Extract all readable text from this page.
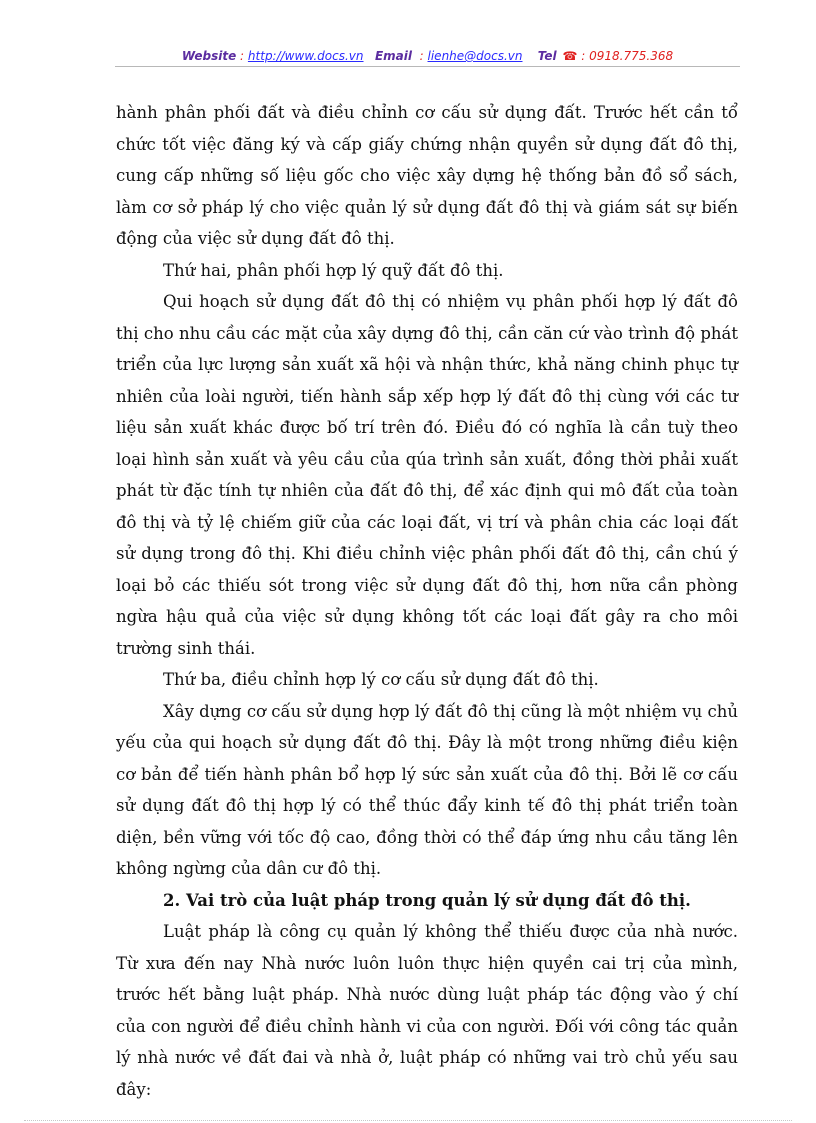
Website : http://www.docs.vn Email : lienhe@docs.vn Tel ☎ : 0918.775.368

hành phân phối đất và điều chỉnh cơ cấu sử dụng đất. Trước hết cần tổ chức tốt việc đăng ký và cấp giấy chứng nhận quyền sử dụng đất đô thị, cung cấp những số liệu gốc cho việc xây dựng hệ thống bản đồ sổ sách, làm cơ sở pháp lý cho việc quản lý sử dụng đất đô thị và giám sát sự biến động của việc sử dụng đất đô thị.

Thứ hai, phân phối hợp lý quỹ đất đô thị.

Qui hoạch sử dụng đất đô thị có nhiệm vụ phân phối hợp lý đất đô thị cho nhu cầu các mặt của xây dựng đô thị, cần căn cứ vào trình độ phát triển của lực lượng sản xuất xã hội và nhận thức, khả năng chinh phục tự nhiên của loài người, tiến hành sắp xếp hợp lý đất đô thị cùng với các tư liệu sản xuất khác được bố trí trên đó. Điều đó có nghĩa là cần tuỳ theo loại hình sản xuất và yêu cầu của qúa trình sản xuất, đồng thời phải xuất phát từ đặc tính tự nhiên của đất đô thị, để xác định qui mô đất của toàn đô thị và tỷ lệ chiếm giữ của các loại đất, vị trí và phân chia các loại đất sử dụng trong đô thị. Khi điều chỉnh việc phân phối đất đô thị, cần chú ý loại bỏ các thiếu sót trong việc sử dụng đất đô thị, hơn nữa cần phòng ngừa hậu quả của việc sử dụng không tốt các loại đất gây ra cho môi trường sinh thái.

Thứ ba, điều chỉnh hợp lý cơ cấu sử dụng đất đô thị.

Xây dựng cơ cấu sử dụng hợp lý đất đô thị cũng là một nhiệm vụ chủ yếu của qui hoạch sử dụng đất đô thị. Đây là một trong những điều kiện cơ bản để tiến hành phân bổ hợp lý sức sản xuất của đô thị. Bởi lẽ cơ cấu sử dụng đất đô thị hợp lý có thể thúc đẩy kinh tế đô thị phát triển toàn diện, bền vững với tốc độ cao, đồng thời có thể đáp ứng nhu cầu tăng lên không ngừng của dân cư đô thị.

2. Vai trò của luật pháp trong quản lý sử dụng đất đô thị.

Luật pháp là công cụ quản lý không thể thiếu được của nhà nước. Từ xưa đến nay Nhà nước luôn luôn thực hiện quyền cai trị của mình, trước hết bằng luật pháp. Nhà nước dùng luật pháp tác động vào ý chí của con người để điều chỉnh hành vi của con người. Đối với công tác quản lý nhà nước về đất đai và nhà ở, luật pháp có những vai trò chủ yếu sau đây:
